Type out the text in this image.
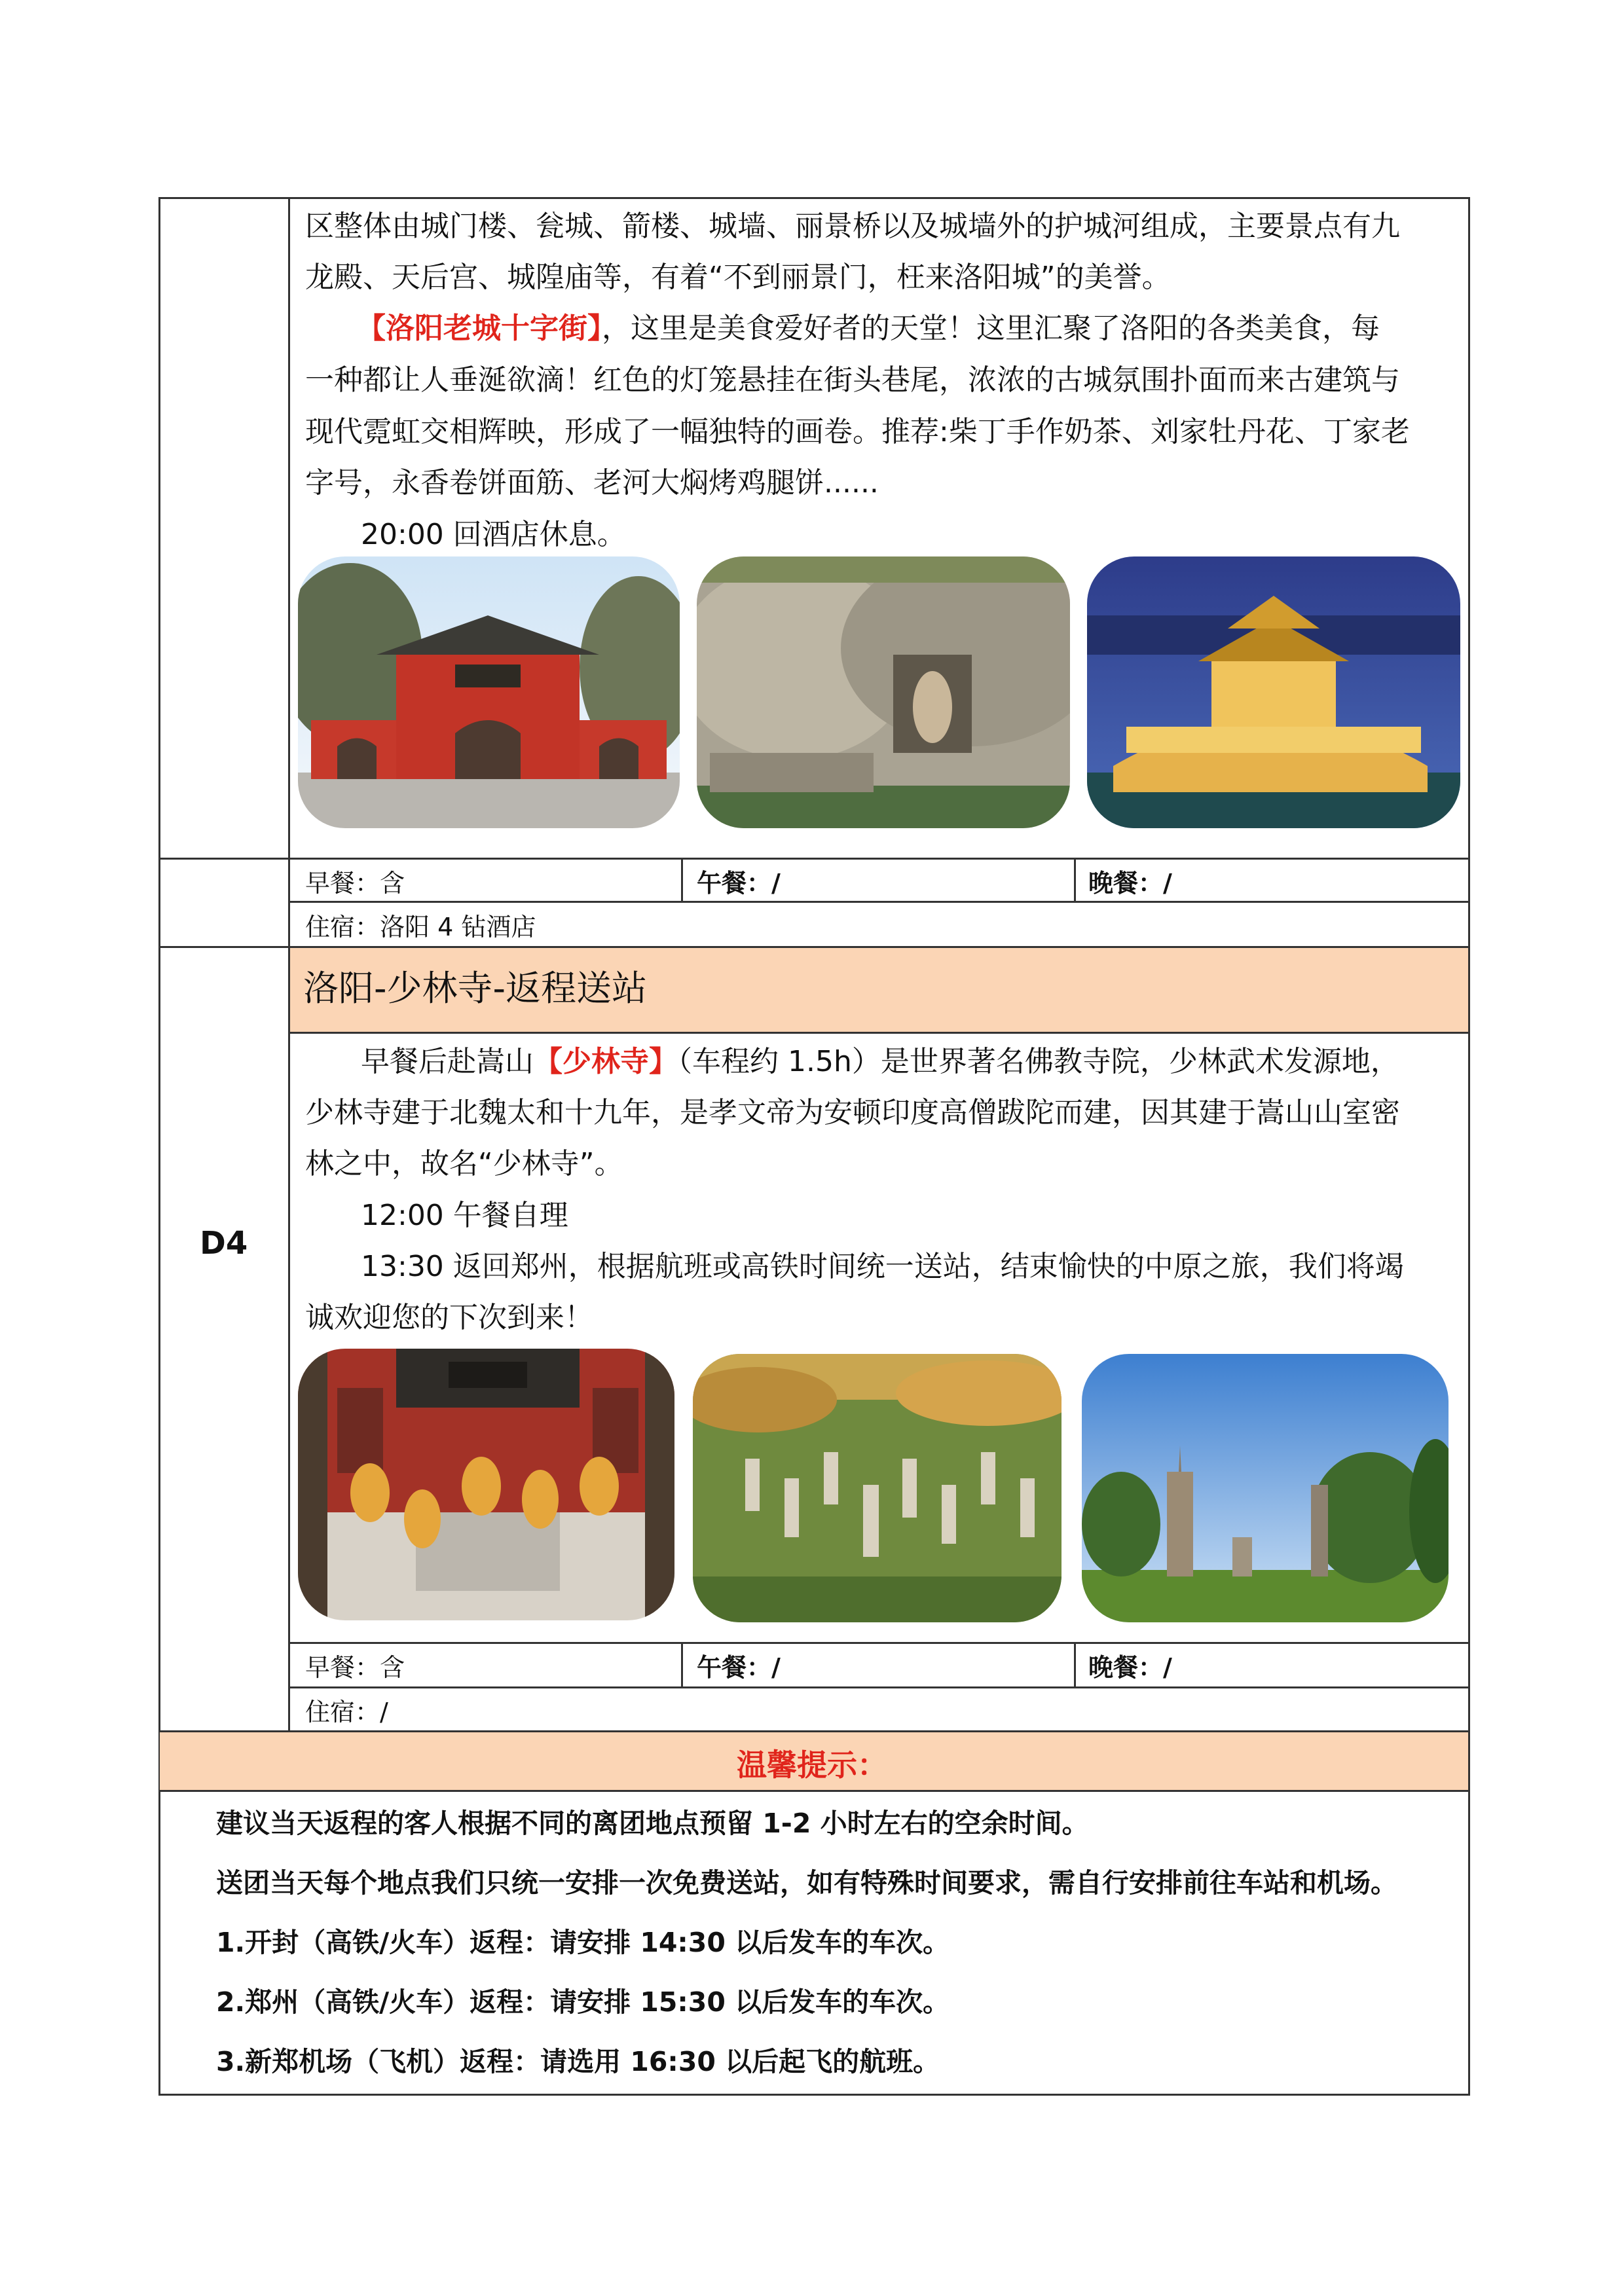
区整体由城门楼、瓮城、箭楼、城墙、丽景桥以及城墙外的护城河组成，主要景点有九
龙殿、天后宫、城隍庙等，有着“不到丽景门，枉来洛阳城”的美誉。
【洛阳老城十字街】，这里是美食爱好者的天堂！这里汇聚了洛阳的各类美食，每
一种都让人垂涎欲滴！红色的灯笼悬挂在街头巷尾，浓浓的古城氛围扑面而来古建筑与
现代霓虹交相辉映，形成了一幅独特的画卷。推荐:柴丁手作奶茶、刘家牡丹花、丁家老
字号，永香卷饼面筋、老河大焖烤鸡腿饼......
20:00 回酒店休息。
早餐：含	午餐：/	晚餐：/
住宿：洛阳 4 钻酒店
洛阳-少林寺-返程送站
D4
早餐后赴嵩山【少林寺】（车程约 1.5h）是世界著名佛教寺院，少林武术发源地，
少林寺建于北魏太和十九年，是孝文帝为安顿印度高僧跋陀而建，因其建于嵩山山室密
林之中，故名“少林寺”。
12:00 午餐自理
13:30 返回郑州，根据航班或高铁时间统一送站，结束愉快的中原之旅，我们将竭
诚欢迎您的下次到来！
早餐：含	午餐：/	晚餐：/
住宿：/
温馨提示：
建议当天返程的客人根据不同的离团地点预留 1-2 小时左右的空余时间。
送团当天每个地点我们只统一安排一次免费送站，如有特殊时间要求，需自行安排前往车站和机场。
1.开封（高铁/火车）返程：请安排 14:30 以后发车的车次。
2.郑州（高铁/火车）返程：请安排 15:30 以后发车的车次。
3.新郑机场（飞机）返程：请选用 16:30 以后起飞的航班。
